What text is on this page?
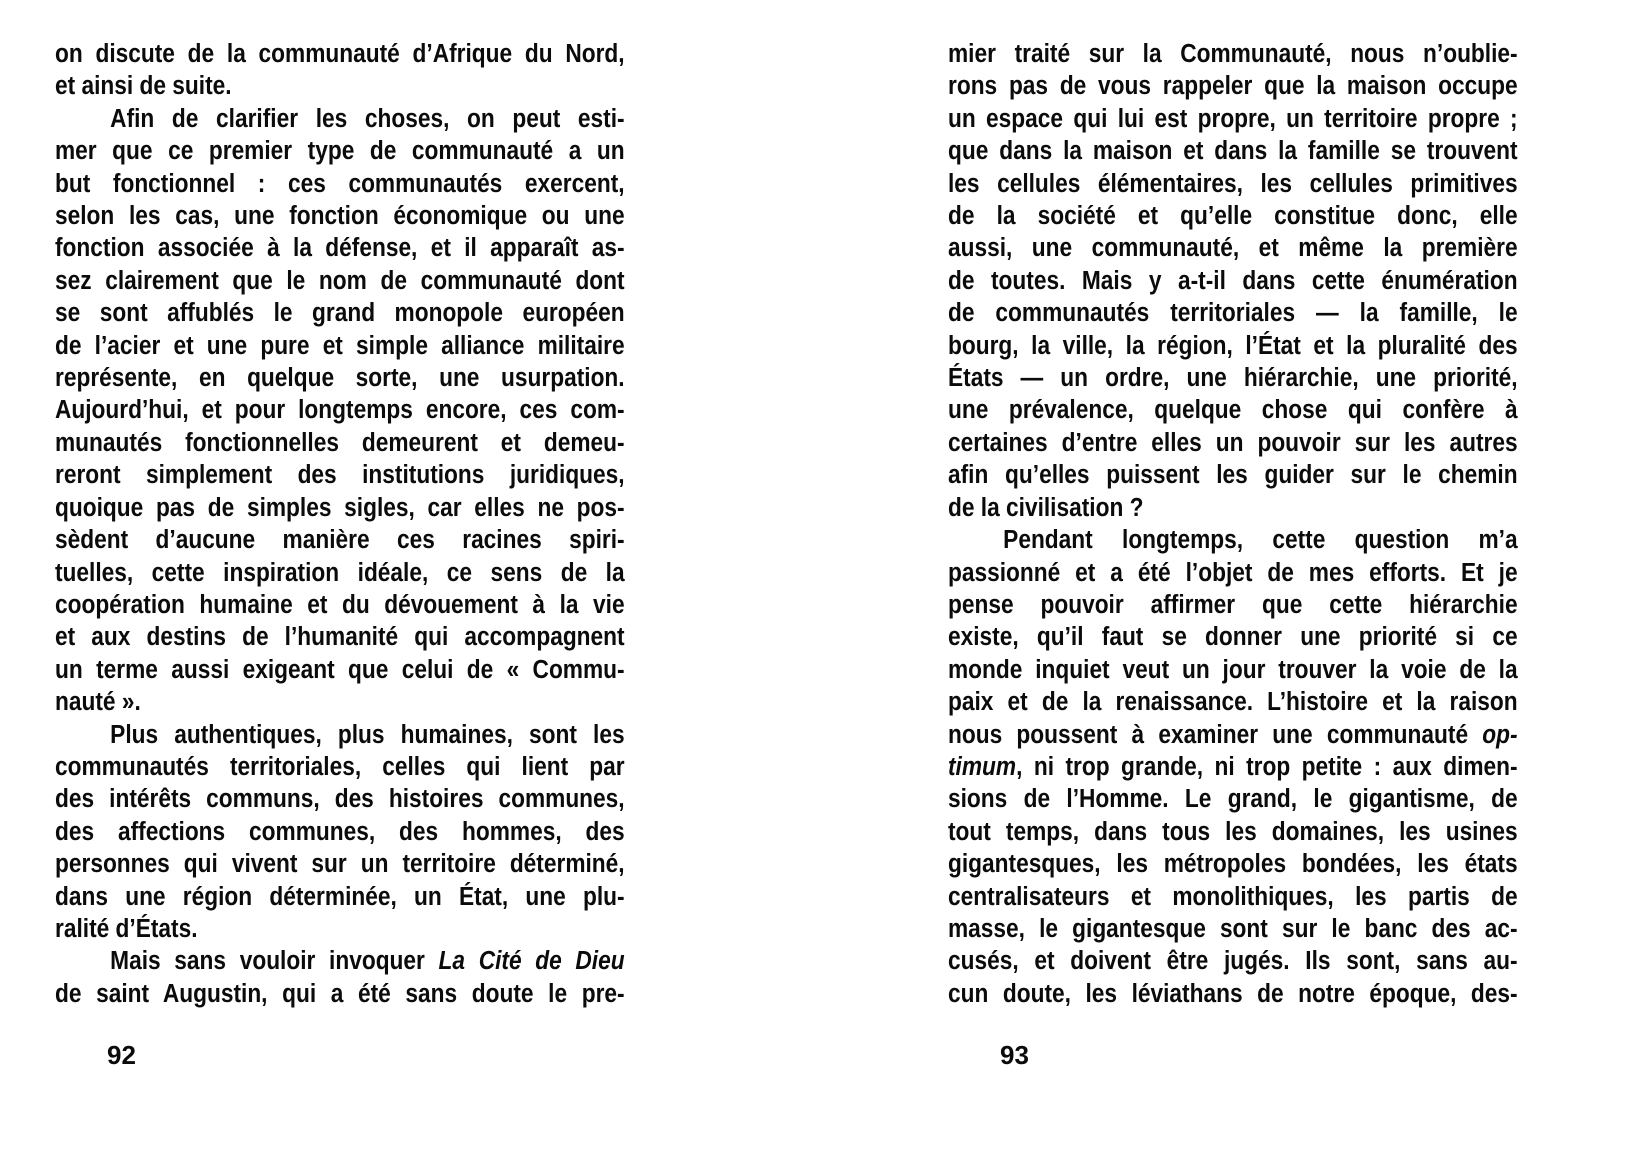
on discute de la communauté d’Afrique du Nord,
et ainsi de suite.
Afin de clarifier les choses, on peut esti-
mer que ce premier type de communauté a un
but fonctionnel : ces communautés exercent,
selon les cas, une fonction économique ou une
fonction associée à la défense, et il apparaît as-
sez clairement que le nom de communauté dont
se sont affublés le grand monopole européen
de l’acier et une pure et simple alliance militaire
représente, en quelque sorte, une usurpation.
Aujourd’hui, et pour longtemps encore, ces com-
munautés fonctionnelles demeurent et demeu-
reront simplement des institutions juridiques,
quoique pas de simples sigles, car elles ne pos-
sèdent d’aucune manière ces racines spiri-
tuelles, cette inspiration idéale, ce sens de la
coopération humaine et du dévouement à la vie
et aux destins de l’humanité qui accompagnent
un terme aussi exigeant que celui de « Commu-
nauté ».
Plus authentiques, plus humaines, sont les
communautés territoriales, celles qui lient par
des intérêts communs, des histoires communes,
des affections communes, des hommes, des
personnes qui vivent sur un territoire déterminé,
dans une région déterminée, un État, une plu-
ralité d’États.
Mais sans vouloir invoquer La Cité de Dieu
de saint Augustin, qui a été sans doute le pre-
mier traité sur la Communauté, nous n’oublie-
rons pas de vous rappeler que la maison occupe
un espace qui lui est propre, un territoire propre ;
que dans la maison et dans la famille se trouvent
les cellules élémentaires, les cellules primitives
de la société et qu’elle constitue donc, elle
aussi, une communauté, et même la première
de toutes. Mais y a-t-il dans cette énumération
de communautés territoriales — la famille, le
bourg, la ville, la région, l’État et la pluralité des
États — un ordre, une hiérarchie, une priorité,
une prévalence, quelque chose qui confère à
certaines d’entre elles un pouvoir sur les autres
afin qu’elles puissent les guider sur le chemin
de la civilisation ?
Pendant longtemps, cette question m’a
passionné et a été l’objet de mes efforts. Et je
pense pouvoir affirmer que cette hiérarchie
existe, qu’il faut se donner une priorité si ce
monde inquiet veut un jour trouver la voie de la
paix et de la renaissance. L’histoire et la raison
nous poussent à examiner une communauté op-
timum, ni trop grande, ni trop petite : aux dimen-
sions de l’Homme. Le grand, le gigantisme, de
tout temps, dans tous les domaines, les usines
gigantesques, les métropoles bondées, les états
centralisateurs et monolithiques, les partis de
masse, le gigantesque sont sur le banc des ac-
cusés, et doivent être jugés. Ils sont, sans au-
cun doute, les léviathans de notre époque, des-
92	93
